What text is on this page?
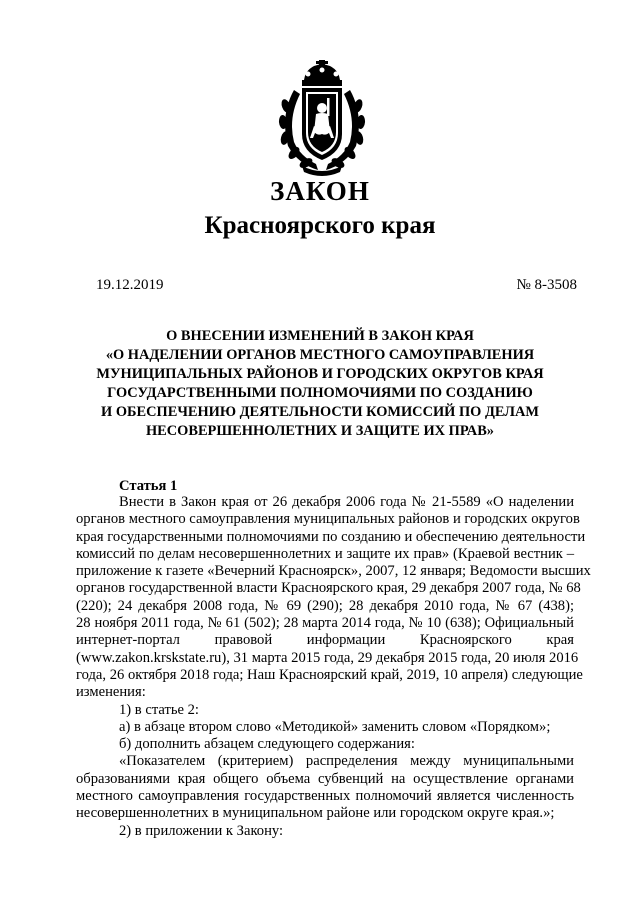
ЗАКОН
Красноярского края
19.12.2019	№ 8-3508
О ВНЕСЕНИИ ИЗМЕНЕНИЙ В ЗАКОН КРАЯ
«О НАДЕЛЕНИИ ОРГАНОВ МЕСТНОГО САМОУПРАВЛЕНИЯ
МУНИЦИПАЛЬНЫХ РАЙОНОВ И ГОРОДСКИХ ОКРУГОВ КРАЯ
ГОСУДАРСТВЕННЫМИ ПОЛНОМОЧИЯМИ ПО СОЗДАНИЮ
И ОБЕСПЕЧЕНИЮ ДЕЯТЕЛЬНОСТИ КОМИССИЙ ПО ДЕЛАМ
НЕСОВЕРШЕННОЛЕТНИХ И ЗАЩИТЕ ИХ ПРАВ»
Статья 1
Внести в Закон края от 26 декабря 2006 года № 21-5589 «О наделении
органов местного самоуправления муниципальных районов и городских округов
края государственными полномочиями по созданию и обеспечению деятельности
комиссий по делам несовершеннолетних и защите их прав» (Краевой вестник –
приложение к газете «Вечерний Красноярск», 2007, 12 января; Ведомости высших
органов государственной власти Красноярского края, 29 декабря 2007 года, № 68
(220); 24 декабря 2008 года, № 69 (290); 28 декабря 2010 года, № 67 (438);
28 ноября 2011 года, № 61 (502); 28 марта 2014 года, № 10 (638); Официальный
интернет-портал правовой информации Красноярского края
(www.zakon.krskstate.ru), 31 марта 2015 года, 29 декабря 2015 года, 20 июля 2016
года, 26 октября 2018 года; Наш Красноярский край, 2019, 10 апреля) следующие
изменения:
1) в статье 2:
а) в абзаце втором слово «Методикой» заменить словом «Порядком»;
б) дополнить абзацем следующего содержания:
«Показателем (критерием) распределения между муниципальными
образованиями края общего объема субвенций на осуществление органами
местного самоуправления государственных полномочий является численность
несовершеннолетних в муниципальном районе или городском округе края.»;
2) в приложении к Закону:
